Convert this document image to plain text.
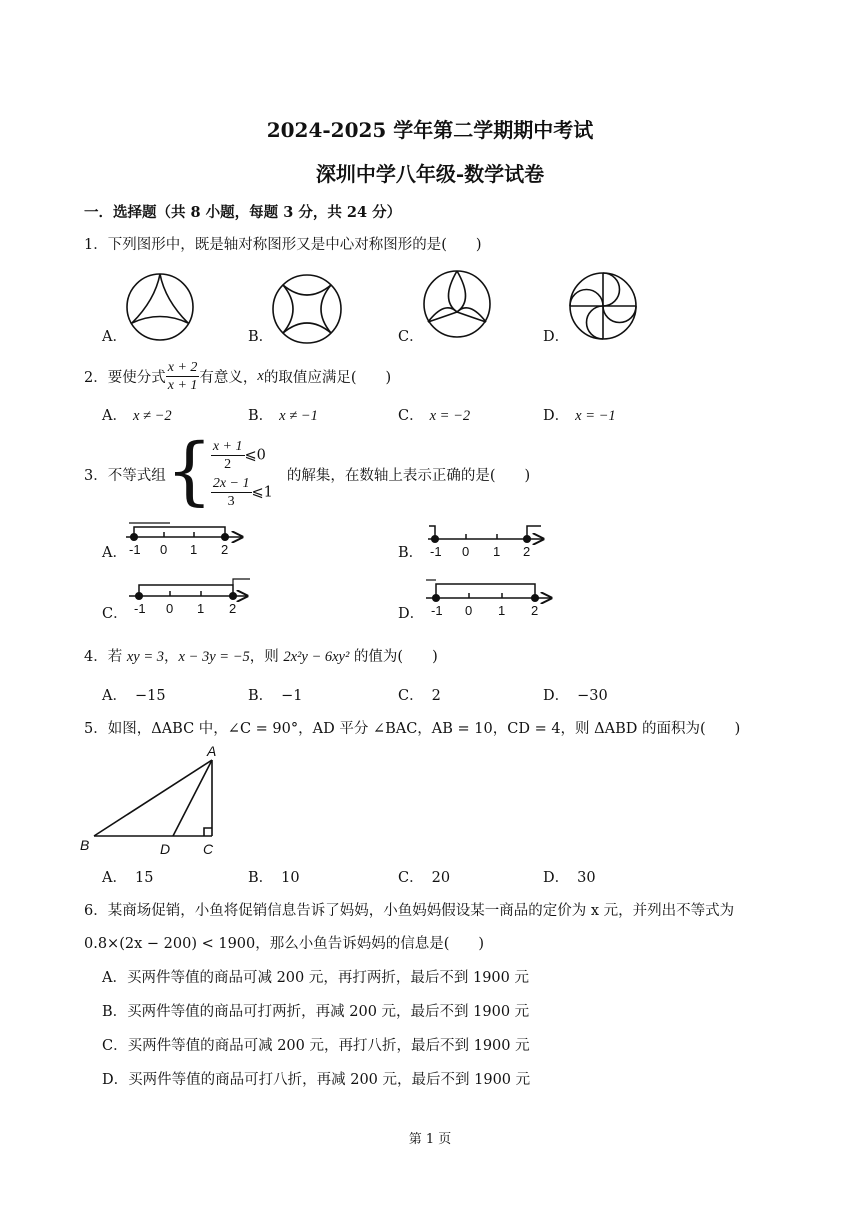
2024-2025 学年第二学期期中考试
深圳中学八年级-数学试卷
一．选择题（共 8 小题，每题 3 分，共 24 分）
1．下列图形中，既是轴对称图形又是中心对称图形的是(　　)
A．	B．	C．	D．
2．要使分式 $\frac{x + 2}{x + 1}$ 有意义， x 的取值应满足(　　)
A． x ≠ −2	B． x ≠ −1	C． x = −2	D． x = −1
3．不等式组 {
$\frac{x + 1}{2}$ ⩽0
$\frac{2x - 1}{3}$ ⩽1
的解集，在数轴上表示正确的是(　　)
-1 0 1 2	-1 0 1 2
-1 0 1 2	-1 0 1 2
A．	B．
C．	D．
4．若 xy = 3，x − 3y = −5，则 2x²y − 6xy² 的值为(　　)
A． −15	B． −1	C． 2	D． −30
5．如图，ΔABC 中，∠C = 90°，AD 平分 ∠BAC，AB = 10，CD = 4，则 ΔABD 的面积为(　　)
A
B	D C
A． 15	B． 10	C． 20	D． 30
6．某商场促销，小鱼将促销信息告诉了妈妈，小鱼妈妈假设某一商品的定价为 x 元，并列出不等式为
0.8×(2x − 200) < 1900，那么小鱼告诉妈妈的信息是(　　)
A．买两件等值的商品可减 200 元，再打两折，最后不到 1900 元
B．买两件等值的商品可打两折，再减 200 元，最后不到 1900 元
C．买两件等值的商品可减 200 元，再打八折，最后不到 1900 元
D．买两件等值的商品可打八折，再减 200 元，最后不到 1900 元
第 1 页
